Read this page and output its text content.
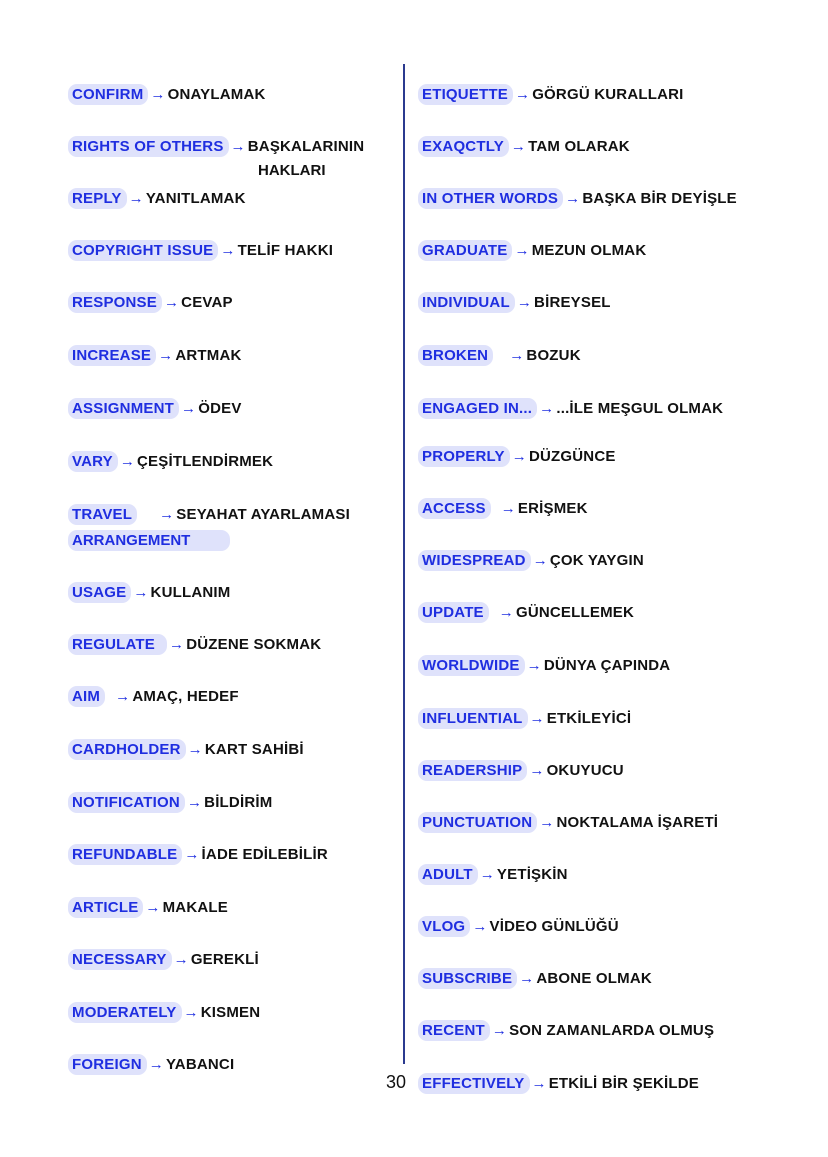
CONFIRM → ONAYLAMAK
RIGHTS OF OTHERS → BAŞKALARININ
HAKLARI
REPLY → YANITLAMAK
COPYRIGHT ISSUE → TELİF HAKKI
RESPONSE → CEVAP
INCREASE → ARTMAK
ASSIGNMENT → ÖDEV
VARY → ÇEŞİTLENDİRMEK
TRAVEL → SEYAHAT AYARLAMASI
ARRANGEMENT
USAGE → KULLANIM
REGULATE → DÜZENE SOKMAK
AIM → AMAÇ, HEDEF
CARDHOLDER → KART SAHİBİ
NOTIFICATION → BİLDİRİM
REFUNDABLE → İADE EDİLEBİLİR
ARTICLE → MAKALE
NECESSARY → GEREKLİ
MODERATELY → KISMEN
FOREIGN → YABANCI
ETIQUETTE → GÖRGÜ KURALLARI
EXAQCTLY → TAM OLARAK
IN OTHER WORDS → BAŞKA BİR DEYİŞLE
GRADUATE → MEZUN OLMAK
INDIVIDUAL → BİREYSEL
BROKEN → BOZUK
ENGAGED IN... → ...İLE MEŞGUL OLMAK
PROPERLY → DÜZGÜNCE
ACCESS → ERİŞMEK
WIDESPREAD → ÇOK YAYGIN
UPDATE → GÜNCELLEMEK
WORLDWIDE → DÜNYA ÇAPINDA
INFLUENTIAL → ETKİLEYİCİ
READERSHIP → OKUYUCU
PUNCTUATION → NOKTALAMA İŞARETİ
ADULT → YETİŞKİN
VLOG → VİDEO GÜNLÜĞÜ
SUBSCRIBE → ABONE OLMAK
RECENT → SON ZAMANLARDA OLMUŞ
EFFECTIVELY → ETKİLİ BİR ŞEKİLDE
30
